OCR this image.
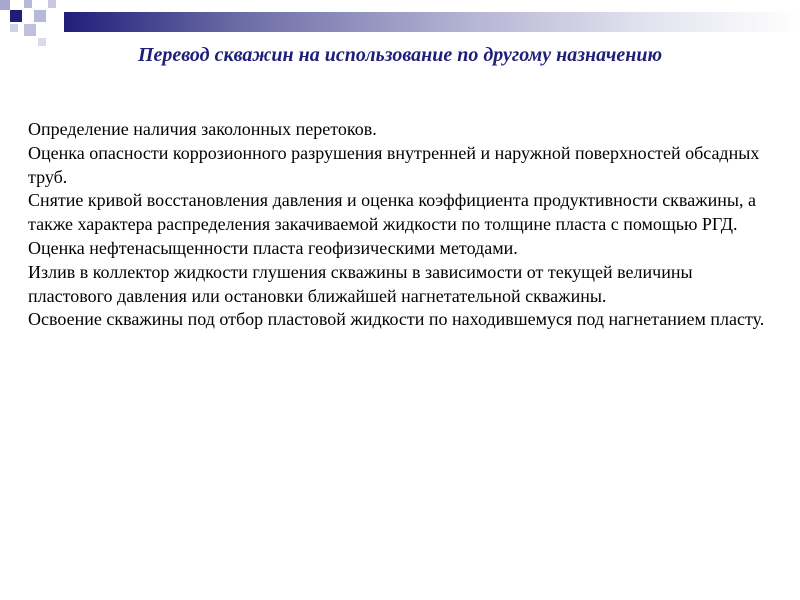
Перевод скважин на использование по другому назначению
Определение наличия заколонных перетоков.
Оценка опасности коррозионного разрушения внутренней и наружной поверхностей обсадных труб.
Снятие кривой восстановления давления и оценка коэффициента продуктивности скважины, а также характера распределения закачиваемой жидкости по толщине пласта с помощью РГД.
Оценка нефтенасыщенности пласта геофизическими методами.
Излив в коллектор жидкости глушения скважины в зависимости от текущей величины пластового давления или остановки ближайшей нагнетательной скважины.
Освоение скважины под отбор пластовой жидкости по находившемуся под нагнетанием пласту.
